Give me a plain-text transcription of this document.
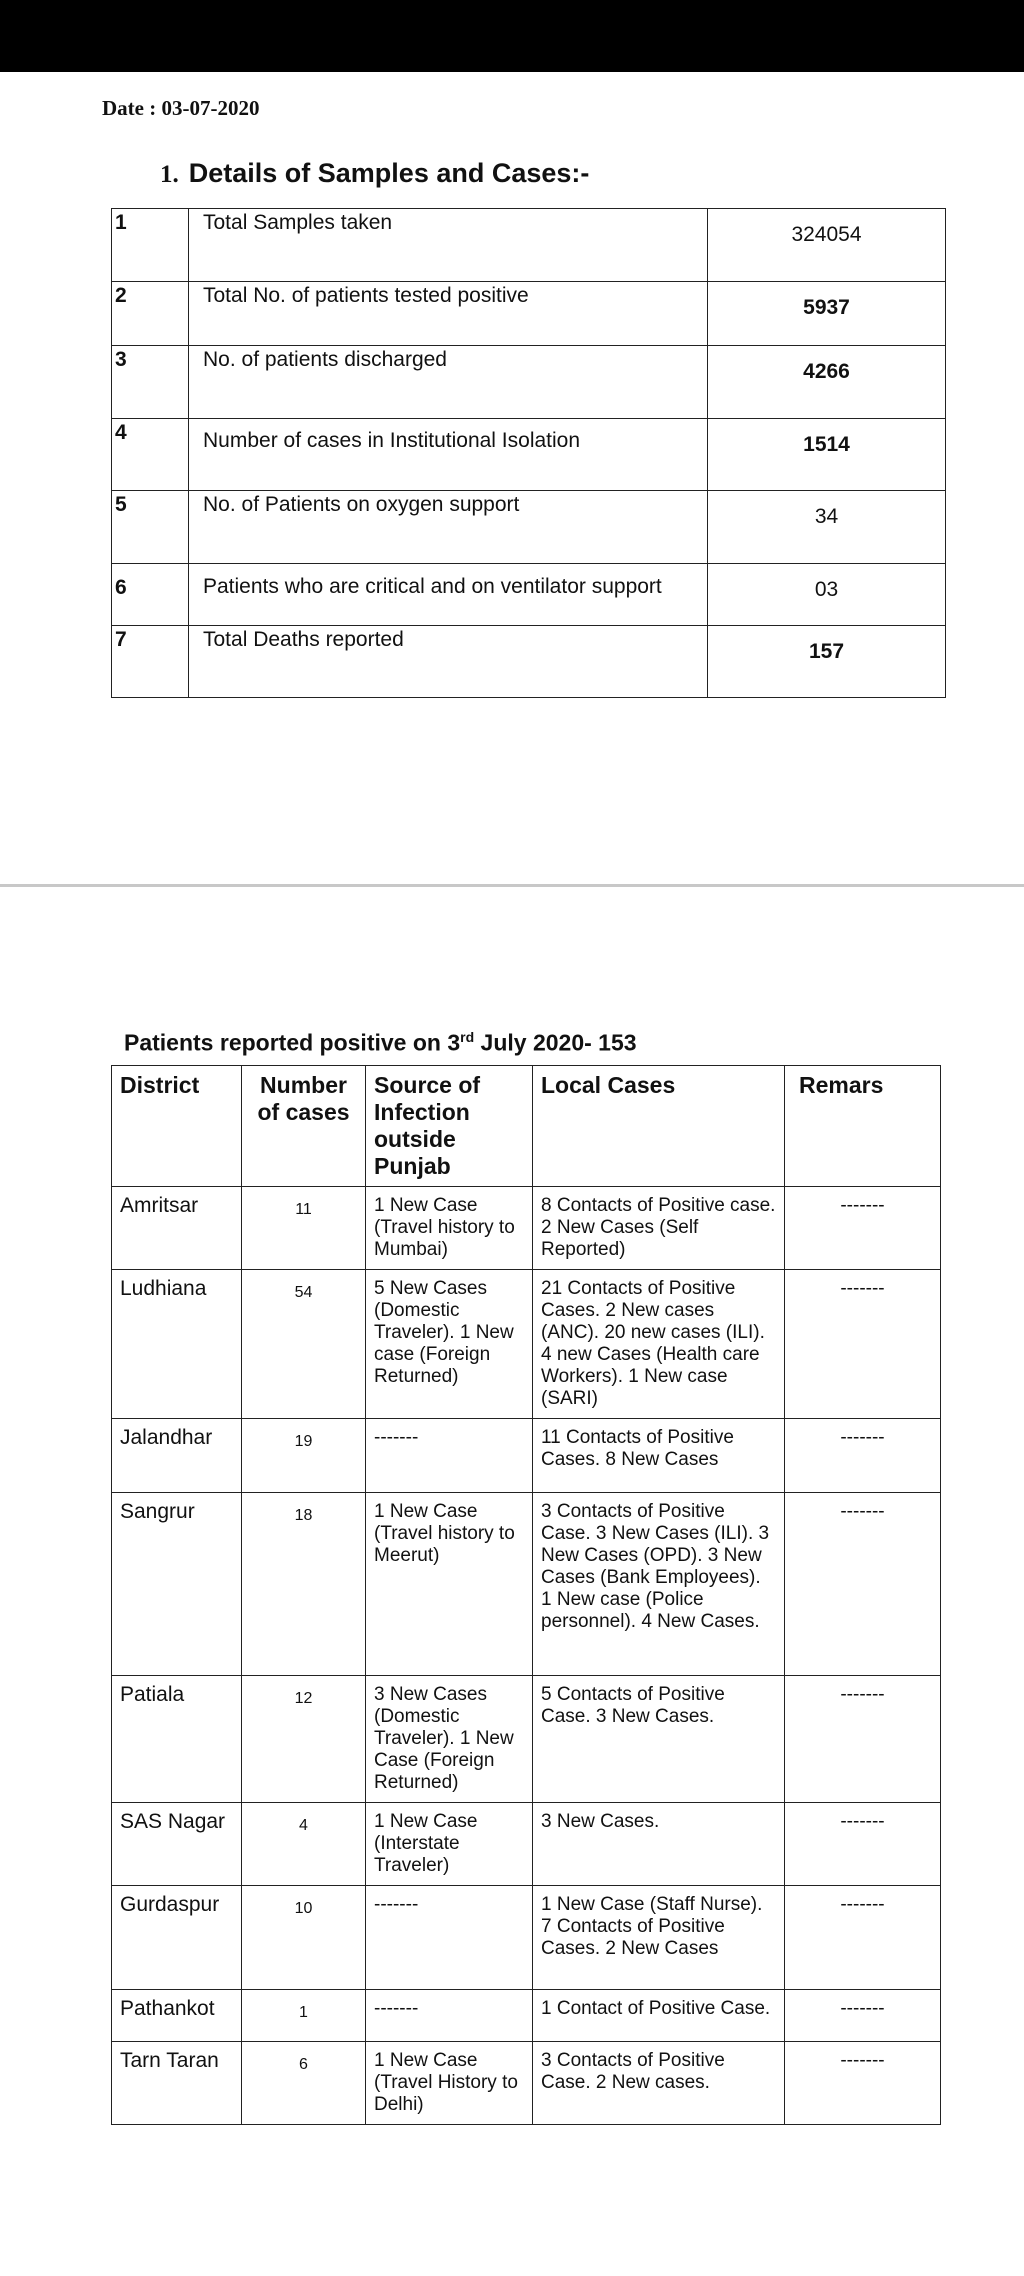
Date : 03-07-2020
1. Details of Samples and Cases:-
1	Total Samples taken	324054
2	Total No. of patients tested positive	5937
3	No. of patients discharged	4266
4	Number of cases in Institutional Isolation	1514
5	No. of Patients on oxygen support	34
6	Patients who are critical and on ventilator support	03
7	Total Deaths reported	157
Patients reported positive on 3rd July 2020- 153
District	Number of cases	Source of Infection outside Punjab	Local Cases	Remars
Amritsar	11	1 New Case (Travel history to Mumbai)	8 Contacts of Positive case. 2 New Cases (Self Reported)	-------
Ludhiana	54	5 New Cases (Domestic Traveler). 1 New case (Foreign Returned)	21 Contacts of Positive Cases. 2 New cases (ANC). 20 new cases (ILI). 4 new Cases (Health care Workers). 1 New case (SARI)	-------
Jalandhar	19	-------	11 Contacts of Positive Cases. 8 New Cases	-------
Sangrur	18	1 New Case (Travel history to Meerut)	3 Contacts of Positive Case. 3 New Cases (ILI). 3 New Cases (OPD). 3 New Cases (Bank Employees). 1 New case (Police personnel). 4 New Cases.	-------
Patiala	12	3 New Cases (Domestic Traveler). 1 New Case (Foreign Returned)	5 Contacts of Positive Case. 3 New Cases.	-------
SAS Nagar	4	1 New Case (Interstate Traveler)	3 New Cases.	-------
Gurdaspur	10	-------	1 New Case (Staff Nurse). 7 Contacts of Positive Cases. 2 New Cases	-------
Pathankot	1	-------	1 Contact of Positive Case.	-------
Tarn Taran	6	1 New Case (Travel History to Delhi)	3 Contacts of Positive Case. 2 New cases.	-------
